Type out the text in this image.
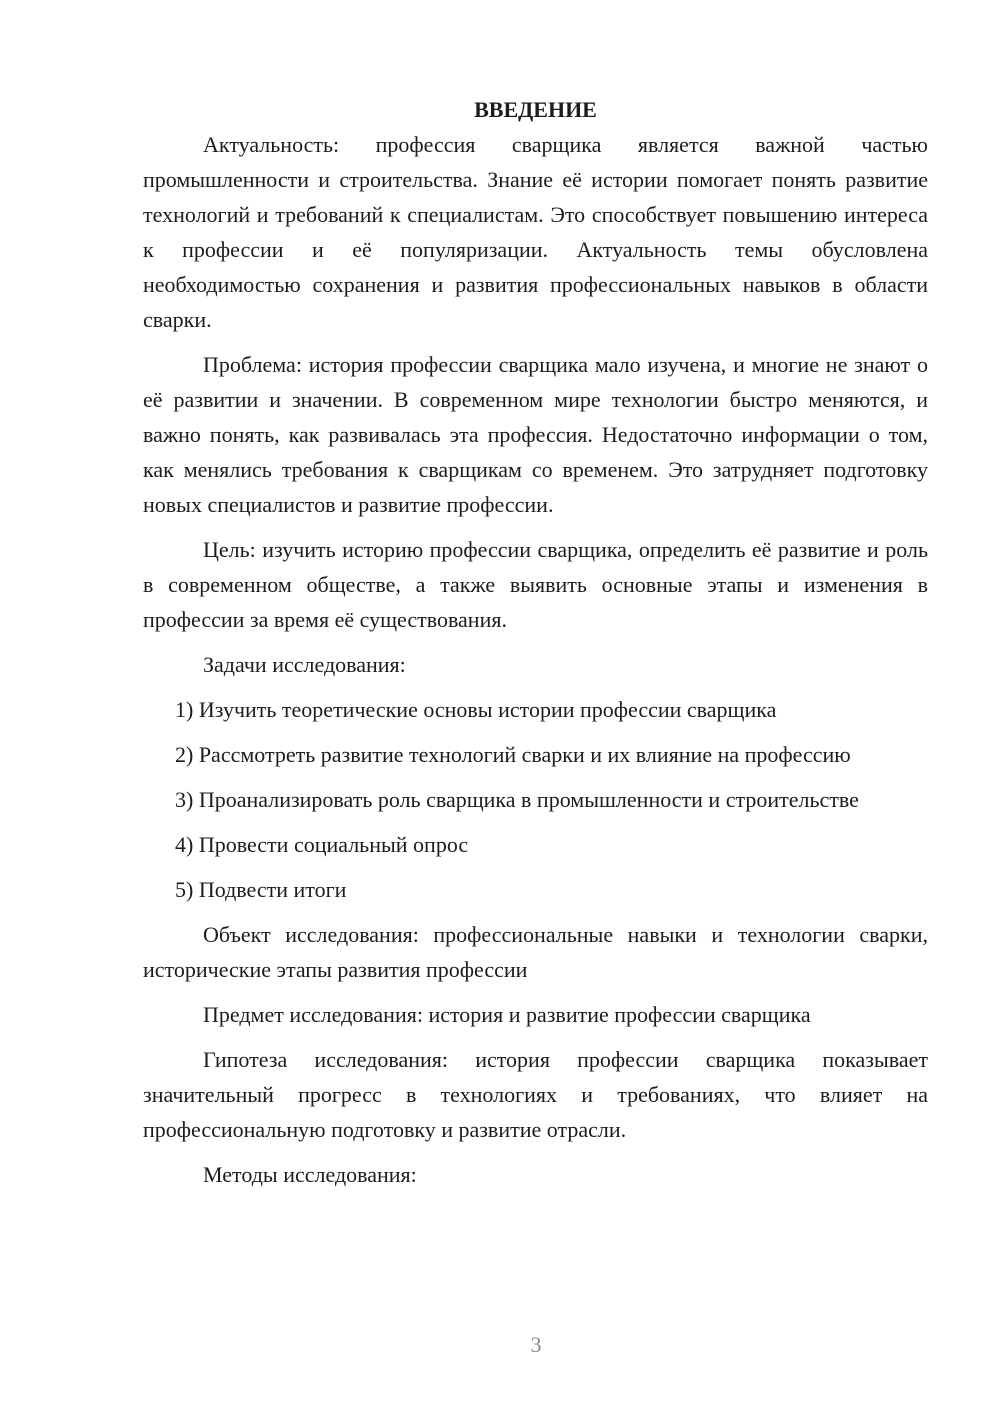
ВВЕДЕНИЕ

Актуальность: профессия сварщика является важной частью промышленности и строительства. Знание её истории помогает понять развитие технологий и требований к специалистам. Это способствует повышению интереса к профессии и её популяризации. Актуальность темы обусловлена необходимостью сохранения и развития профессиональных навыков в области сварки.

Проблема: история профессии сварщика мало изучена, и многие не знают о её развитии и значении. В современном мире технологии быстро меняются, и важно понять, как развивалась эта профессия. Недостаточно информации о том, как менялись требования к сварщикам со временем. Это затрудняет подготовку новых специалистов и развитие профессии.

Цель: изучить историю профессии сварщика, определить её развитие и роль в современном обществе, а также выявить основные этапы и изменения в профессии за время её существования.

Задачи исследования:

1) Изучить теоретические основы истории профессии сварщика

2) Рассмотреть развитие технологий сварки и их влияние на профессию

3) Проанализировать роль сварщика в промышленности и строительстве

4) Провести социальный опрос

5) Подвести итоги

Объект исследования: профессиональные навыки и технологии сварки, исторические этапы развития профессии

Предмет исследования: история и развитие профессии сварщика

Гипотеза исследования: история профессии сварщика показывает значительный прогресс в технологиях и требованиях, что влияет на профессиональную подготовку и развитие отрасли.

Методы исследования:

3
